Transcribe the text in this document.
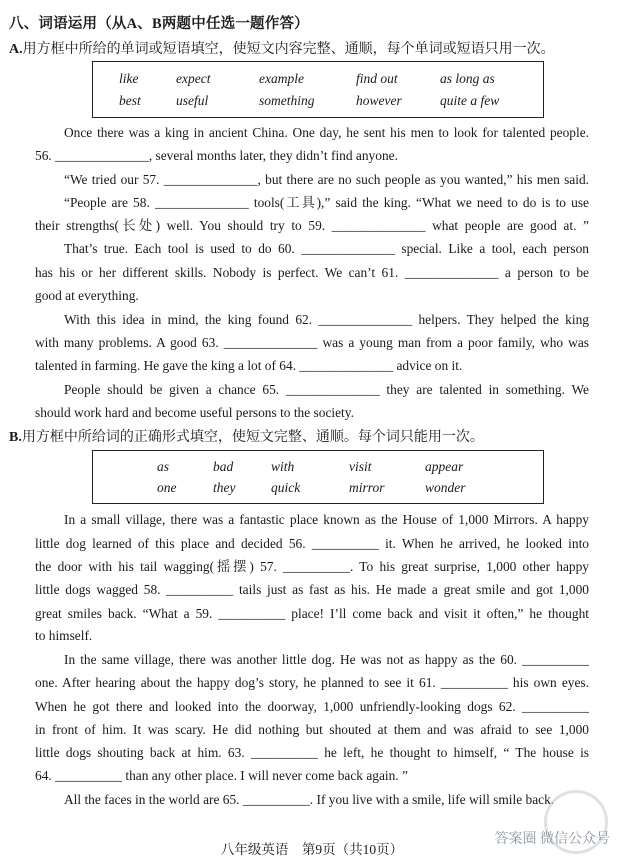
八、词语运用（从A、B两题中任选一题作答）
A.用方框中所给的单词或短语填空，使短文内容完整、通顺，每个单词或短语只用一次。
like	expect	example	find out	as long as
best	useful	something	however	quite a few
Once there was a king in ancient China. One day, he sent his men to look for talented people.
56. ______________, several months later, they didn’t find anyone.
“We tried our 57. ______________, but there are no such people as you wanted,” his men said.
“People are 58. ______________ tools(工具),” said the king. “What we need to do is to use
their strengths(长处) well. You should try to 59. ______________ what people are good at. ”
That’s true. Each tool is used to do 60. ______________ special. Like a tool, each person
has his or her different skills. Nobody is perfect. We can’t 61. ______________ a person to be
good at everything.
With this idea in mind, the king found 62. ______________ helpers. They helped the king
with many problems. A good 63. ______________ was a young man from a poor family, who was
talented in farming. He gave the king a lot of 64. ______________ advice on it.
People should be given a chance 65. ______________ they are talented in something. We
should work hard and become useful persons to the society.
B.用方框中所给词的正确形式填空，使短文完整、通顺。每个词只能用一次。
as	bad	with	visit	appear
one	they	quick	mirror	wonder
In a small village, there was a fantastic place known as the House of 1,000 Mirrors. A happy
little dog learned of this place and decided 56. __________ it. When he arrived, he looked into
the door with his tail wagging(摇摆) 57. __________. To his great surprise, 1,000 other happy
little dogs wagged 58. __________ tails just as fast as his. He made a great smile and got 1,000
great smiles back. “What a 59. __________ place! I’ll come back and visit it often,” he thought
to himself.
In the same village, there was another little dog. He was not as happy as the 60. __________
one. After hearing about the happy dog’s story, he planned to see it 61. __________ his own eyes.
When he got there and looked into the doorway, 1,000 unfriendly-looking dogs 62. __________
in front of him. It was scary. He did nothing but shouted at them and was afraid to see 1,000
little dogs shouting back at him. 63. __________ he left, he thought to himself, “ The house is
64. __________ than any other place. I will never come back again. ”
All the faces in the world are 65. __________. If you live with a smile, life will smile back.
八年级英语　第9页（共10页）
答案圈 微信公众号
